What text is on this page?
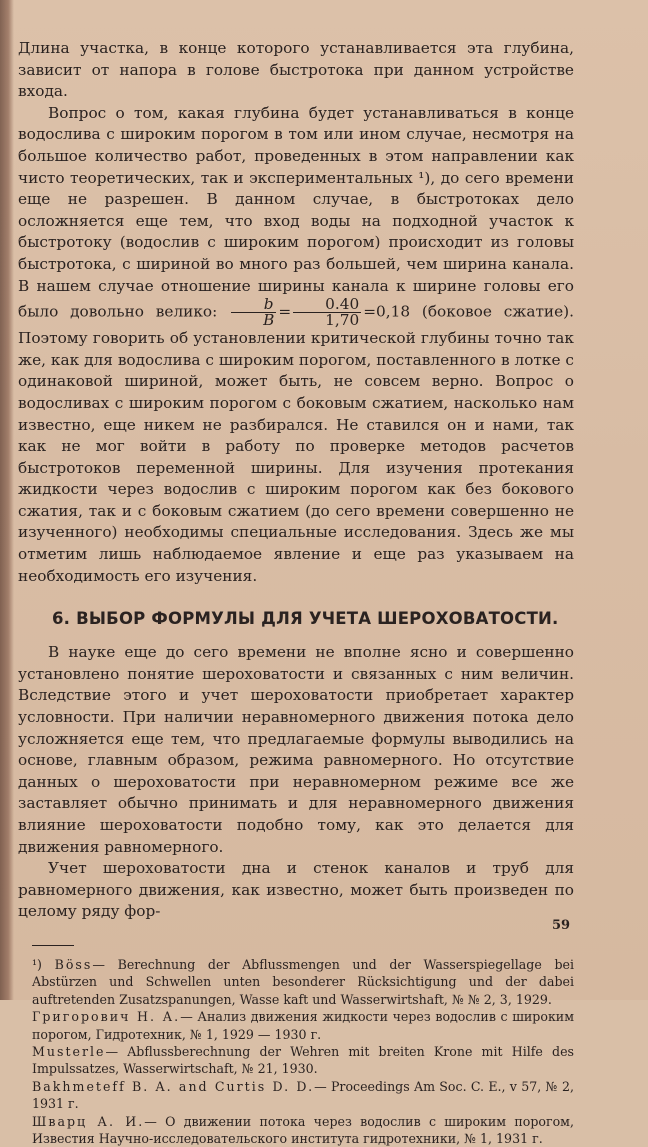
Длина участка, в конце которого устанавливается эта глубина, зависит от напора в голове быстротока при данном устройстве входа.

Вопрос о том, какая глубина будет устанавливаться в конце водослива с широким порогом в том или ином случае, несмотря на большое количество работ, проведенных в этом направлении как чисто теоретических, так и экспериментальных ¹), до сего времени еще не разрешен. В данном случае, в быстротоках дело осложняется еще тем, что вход воды на подходной участок к быстротоку (водослив с широким порогом) происходит из головы быстротока, с шириной во много раз большей, чем ширина канала. В нашем случае отношение ширины канала к ширине головы его было довольно велико: $\frac{b}{B} = \frac{0.40}{1,70} =0,18$ (боковое сжатие). Поэтому говорить об установлении критической глубины точно так же, как для водослива с широким порогом, поставленного в лотке с одинаковой шириной, может быть, не совсем верно. Вопрос о водосливах с широким порогом с боковым сжатием, насколько нам известно, еще никем не разбирался. Не ставился он и нами, так как не мог войти в работу по проверке методов расчетов быстротоков переменной ширины. Для изучения протекания жидкости через водослив с широким порогом как без бокового сжатия, так и с боковым сжатием (до сего времени совершенно не изученного) необходимы специальные исследования. Здесь же мы отметим лишь наблюдаемое явление и еще раз указываем на необходимость его изучения.

6. ВЫБОР ФОРМУЛЫ ДЛЯ УЧЕТА ШЕРОХОВАТОСТИ.

В науке еще до сего времени не вполне ясно и совершенно установлено понятие шероховатости и связанных с ним величин. Вследствие этого и учет шероховатости приобретает характер условности. При наличии неравномерного движения потока дело усложняется еще тем, что предлагаемые формулы выводились на основе, главным образом, режима равномерного. Но отсутствие данных о шероховатости при неравномерном режиме все же заставляет обычно принимать и для неравномерного движения влияние шероховатости подобно тому, как это делается для движения равномерного.

Учет шероховатости дна и стенок каналов и труб для равномерного движения, как известно, может быть произведен по целому ряду фор-

¹) Böss— Berechnung der Abflussmengen und der Wasserspiegellage bei Abstürzen und Schwellen unten besonderer Rücksichtigung und der dabei auftretenden Zusatzspanungen, Wasse kaft und Wasserwirtshaft, № № 2, 3, 1929.

Григорович Н. А.— Анализ движения жидкости через водослив с широким порогом, Гидротехник, № 1, 1929 — 1930 г.

Musterle— Abflussberechnung der Wehren mit breiten Krone mit Hilfe des Impulssatzes, Wasserwirtschaft, № 21, 1930.

Bakhmeteff B. A. and Curtis D. D.— Proceedings Am Soc. C. E., v 57, № 2, 1931 г.

Шварц А. И.— О движении потока через водослив с широким порогом, Известия Научно-исследовательского института гидротехники, № 1, 1931 г.

59
